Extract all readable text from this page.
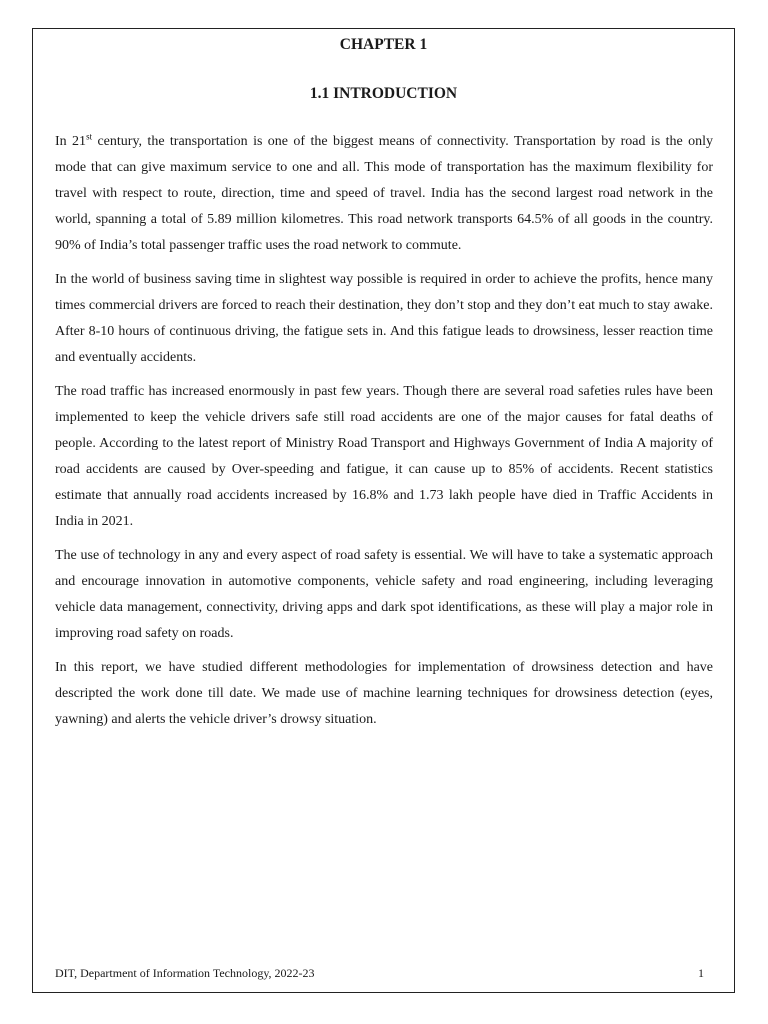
CHAPTER 1
1.1 INTRODUCTION

In 21st century, the transportation is one of the biggest means of connectivity. Transportation by road is the only mode that can give maximum service to one and all. This mode of transportation has the maximum flexibility for travel with respect to route, direction, time and speed of travel. India has the second largest road network in the world, spanning a total of 5.89 million kilometres. This road network transports 64.5% of all goods in the country. 90% of India’s total passenger traffic uses the road network to commute.

In the world of business saving time in slightest way possible is required in order to achieve the profits, hence many times commercial drivers are forced to reach their destination, they don’t stop and they don’t eat much to stay awake. After 8-10 hours of continuous driving, the fatigue sets in. And this fatigue leads to drowsiness, lesser reaction time and eventually accidents.

The road traffic has increased enormously in past few years. Though there are several road safeties rules have been implemented to keep the vehicle drivers safe still road accidents are one of the major causes for fatal deaths of people. According to the latest report of Ministry Road Transport and Highways Government of India A majority of road accidents are caused by Over-speeding and fatigue, it can cause up to 85% of accidents. Recent statistics estimate that annually road accidents increased by 16.8% and 1.73 lakh people have died in Traffic Accidents in India in 2021.

The use of technology in any and every aspect of road safety is essential. We will have to take a systematic approach and encourage innovation in automotive components, vehicle safety and road engineering, including leveraging vehicle data management, connectivity, driving apps and dark spot identifications, as these will play a major role in improving road safety on roads.

In this report, we have studied different methodologies for implementation of drowsiness detection and have descripted the work done till date. We made use of machine learning techniques for drowsiness detection (eyes, yawning) and alerts the vehicle driver’s drowsy situation.

DIT, Department of Information Technology, 2022-23	1
